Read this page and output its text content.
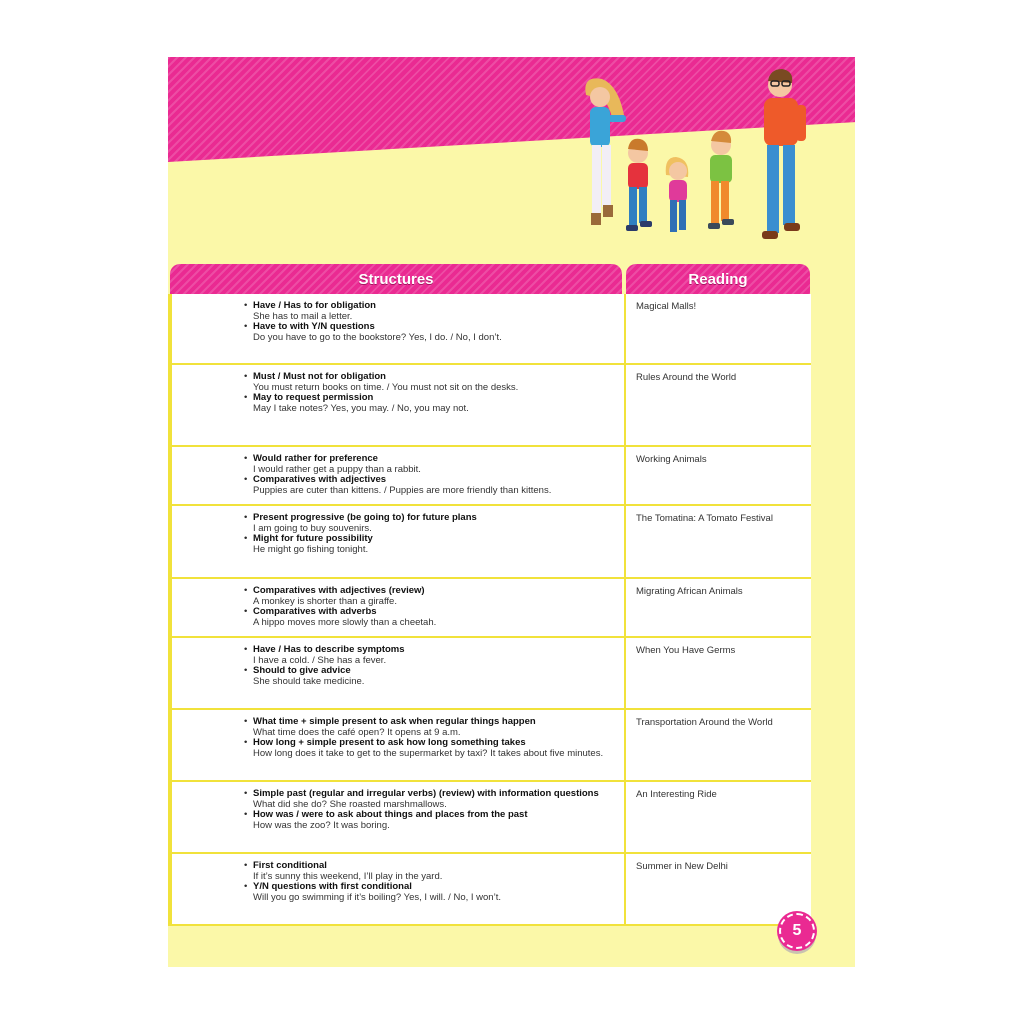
Structures	Reading
• Have / Has to for obligation
She has to mail a letter.
• Have to with Y/N questions
Do you have to go to the bookstore? Yes, I do. / No, I don’t.
Magical Malls!
• Must / Must not for obligation
You must return books on time. / You must not sit on the desks.
• May to request permission
May I take notes? Yes, you may. / No, you may not.
Rules Around the World
• Would rather for preference
I would rather get a puppy than a rabbit.
• Comparatives with adjectives
Puppies are cuter than kittens. / Puppies are more friendly than kittens.
Working Animals
• Present progressive (be going to) for future plans
I am going to buy souvenirs.
• Might for future possibility
He might go fishing tonight.
The Tomatina: A Tomato Festival
• Comparatives with adjectives (review)
A monkey is shorter than a giraffe.
• Comparatives with adverbs
A hippo moves more slowly than a cheetah.
Migrating African Animals
• Have / Has to describe symptoms
I have a cold. / She has a fever.
• Should to give advice
She should take medicine.
When You Have Germs
• What time + simple present to ask when regular things happen
What time does the café open? It opens at 9 a.m.
• How long + simple present to ask how long something takes
How long does it take to get to the supermarket by taxi? It takes about five minutes.
Transportation Around the World
• Simple past (regular and irregular verbs) (review) with information questions
What did she do? She roasted marshmallows.
• How was / were to ask about things and places from the past
How was the zoo? It was boring.
An Interesting Ride
• First conditional
If it’s sunny this weekend, I’ll play in the yard.
• Y/N questions with first conditional
Will you go swimming if it’s boiling? Yes, I will. / No, I won’t.
Summer in New Delhi
5
